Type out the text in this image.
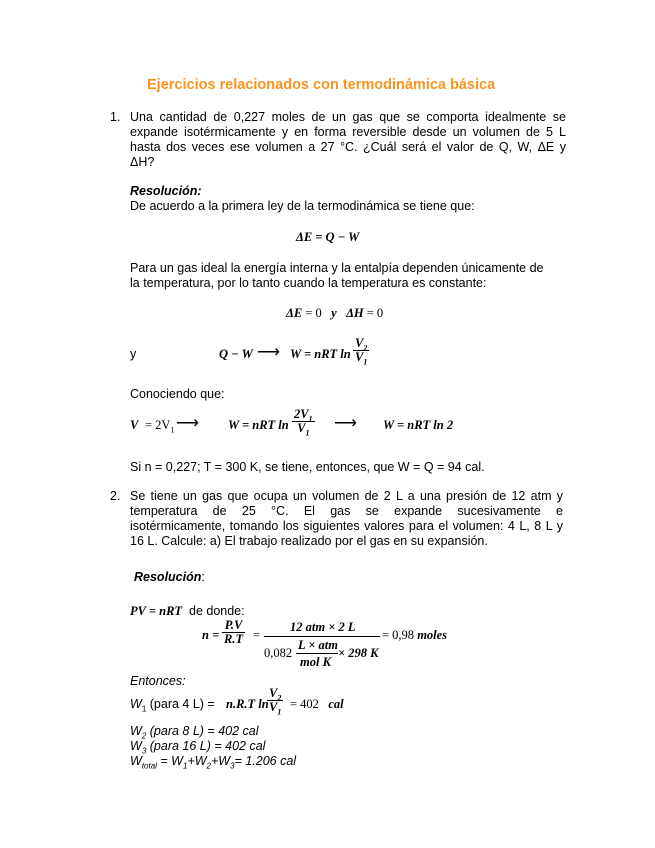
Ejercicios relacionados con termodinámica básica
1. Una cantidad de 0,227 moles de un gas que se comporta idealmente se
expande isotérmicamente y en forma reversible desde un volumen de 5 L
hasta dos veces ese volumen a 27 °C. ¿Cuál será el valor de Q, W, ΔE y
ΔH?
Resolución:
De acuerdo a la primera ley de la termodinámica se tiene que:
ΔE = Q − W
Para un gas ideal la energía interna y la entalpía dependen únicamente de
la temperatura, por lo tanto cuando la temperatura es constante:
ΔE = 0 y ΔH = 0
y	Q − W ⟶ W = nRT $\ln \frac{V_2}{V_1}$
Conociendo que:
$V = 2V_1$ ⟶ W = nRT $\ln \frac{2V_1}{V_1}$ ⟶ W = nRT ln 2
Si n = 0,227; T = 300 K, se tiene, entonces, que W = Q = 94 cal.
2. Se tiene un gas que ocupa un volumen de 2 L a una presión de 12 atm y
temperatura de 25 °C. El gas se expande sucesivamente e
isotérmicamente, tomando los siguientes valores para el volumen: 4 L, 8 L y
16 L. Calcule: a) El trabajo realizado por el gas en su expansión.
Resolución:
PV = nRT de donde:
$n = \frac{P.V}{R.T}$ =
12 atm × 2 L
0,082
L × atm
mol K
× 298 K
= 0,98 moles
Entonces:
$W_1$ (para 4 L) = n.R.T ln
$\frac{V_2}{V_1} = 402$ cal
$W_2$ (para 8 L) = 402 cal
$W_3$ (para 16 L) = 402 cal
$W_{total} = W_1+W_2+W_3= 1.206$ cal
